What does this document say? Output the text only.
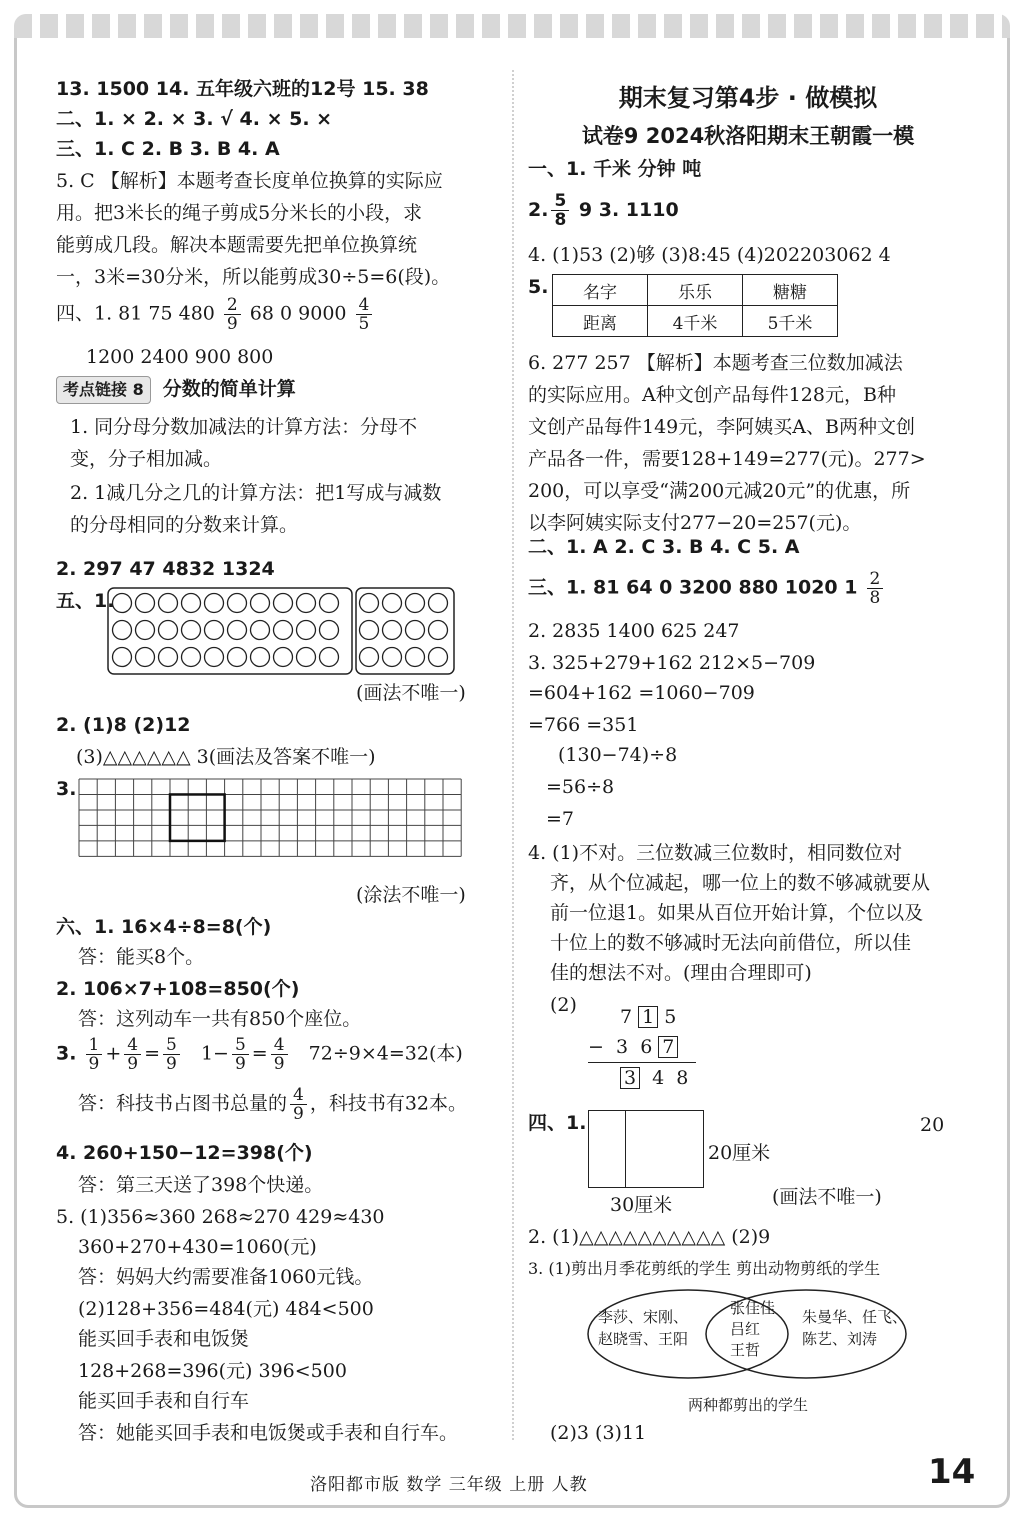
13. 1500 14. 五年级六班的12号 15. 38
二、1. × 2. × 3. √ 4. × 5. ×
三、1. C 2. B 3. B 4. A
5. C 【解析】本题考查长度单位换算的实际应
用。把3米长的绳子剪成5分米长的小段，求
能剪成几段。解决本题需要先把单位换算统
一，3米=30分米，所以能剪成30÷5=6(段)。
四、1. 81 75 $480 \frac{2}{9} 68$ 0 $9000 \frac{4}{5}$
1200 2400 900 800
考点链接 8 分数的简单计算
1. 同分母分数加减法的计算方法：分母不
变，分子相加减。
2. 1减几分之几的计算方法：把1写成与减数
的分母相同的分数来计算。
2. 297 47 4832 1324
五、1.
(画法不唯一)
2. (1)8 (2)12
(3)△△△△△△ 3(画法及答案不唯一)
3.
(涂法不唯一)
六、1. 16×4÷8=8(个)
答：能买8个。
2. 106×7+108=850(个)
答：这列动车一共有850个座位。
3. $\frac{1}{9} + \frac{4}{9} = \frac{5}{9} 1- \frac{5}{9} = \frac{4}{9} 72\div 9\times 4=32$(本)
答：科技书占图书总量的 $\frac{4}{9}$ ，科技书有32本。
4. 260+150−12=398(个)
答：第三天送了398个快递。
5. (1)356≈360 268≈270 429≈430
360+270+430=1060(元)
答：妈妈大约需要准备1060元钱。
(2)128+356=484(元) 484<500
能买回手表和电饭煲
128+268=396(元) 396<500
能买回手表和自行车
答：她能买回手表和电饭煲或手表和自行车。
期末复习第4步 · 做模拟
试卷9 2024秋洛阳期末王朝霞一模
一、1. 千米 分钟 吨
2. $\frac{5}{8} 9$ 3. 1110
4. (1)53 (2)够 (3)8:45 (4)202203062 4
5. 名字	乐乐	糖糖
距离	4千米	5千米
6. 277 257 【解析】本题考查三位数加减法
的实际应用。A种文创产品每件128元，B种
文创产品每件149元，李阿姨买A、B两种文创
产品各一件，需要128+149=277(元)。277>
200，可以享受“满200元减20元”的优惠，所
以李阿姨实际支付277−20=257(元)。
二、1. A 2. C 3. B 4. C 5. A
三、1. 81 64 0 3200 880 1020 $1 \frac{2}{8}$
2. 2835 1400 625 247
3. 325+279+162 212×5−709
=604+162 =1060−709
=766 =351
(130−74)÷8
=56÷8
=7
4. (1)不对。三位数减三位数时，相同数位对
齐，从个位减起，哪一位上的数不够减就要从
前一位退1。如果从百位开始计算，个位以及
十位上的数不够减时无法向前借位，所以佳
佳的想法不对。(理由合理即可)
(2)
7 1 5
− 3 6 7
3 4 8
四、1.	20
20厘米
30厘米	(画法不唯一)
2. (1)△△△△△△△△△△ (2)9
3. (1)剪出月季花剪纸的学生 剪出动物剪纸的学生
李莎、宋刚、
赵晓雪、王阳
张佳佳
吕红
王哲
朱曼华、任飞、
陈艺、刘涛
两种都剪出的学生
(2)3 (3)11
洛阳都市版 数学 三年级 上册 人教	14
